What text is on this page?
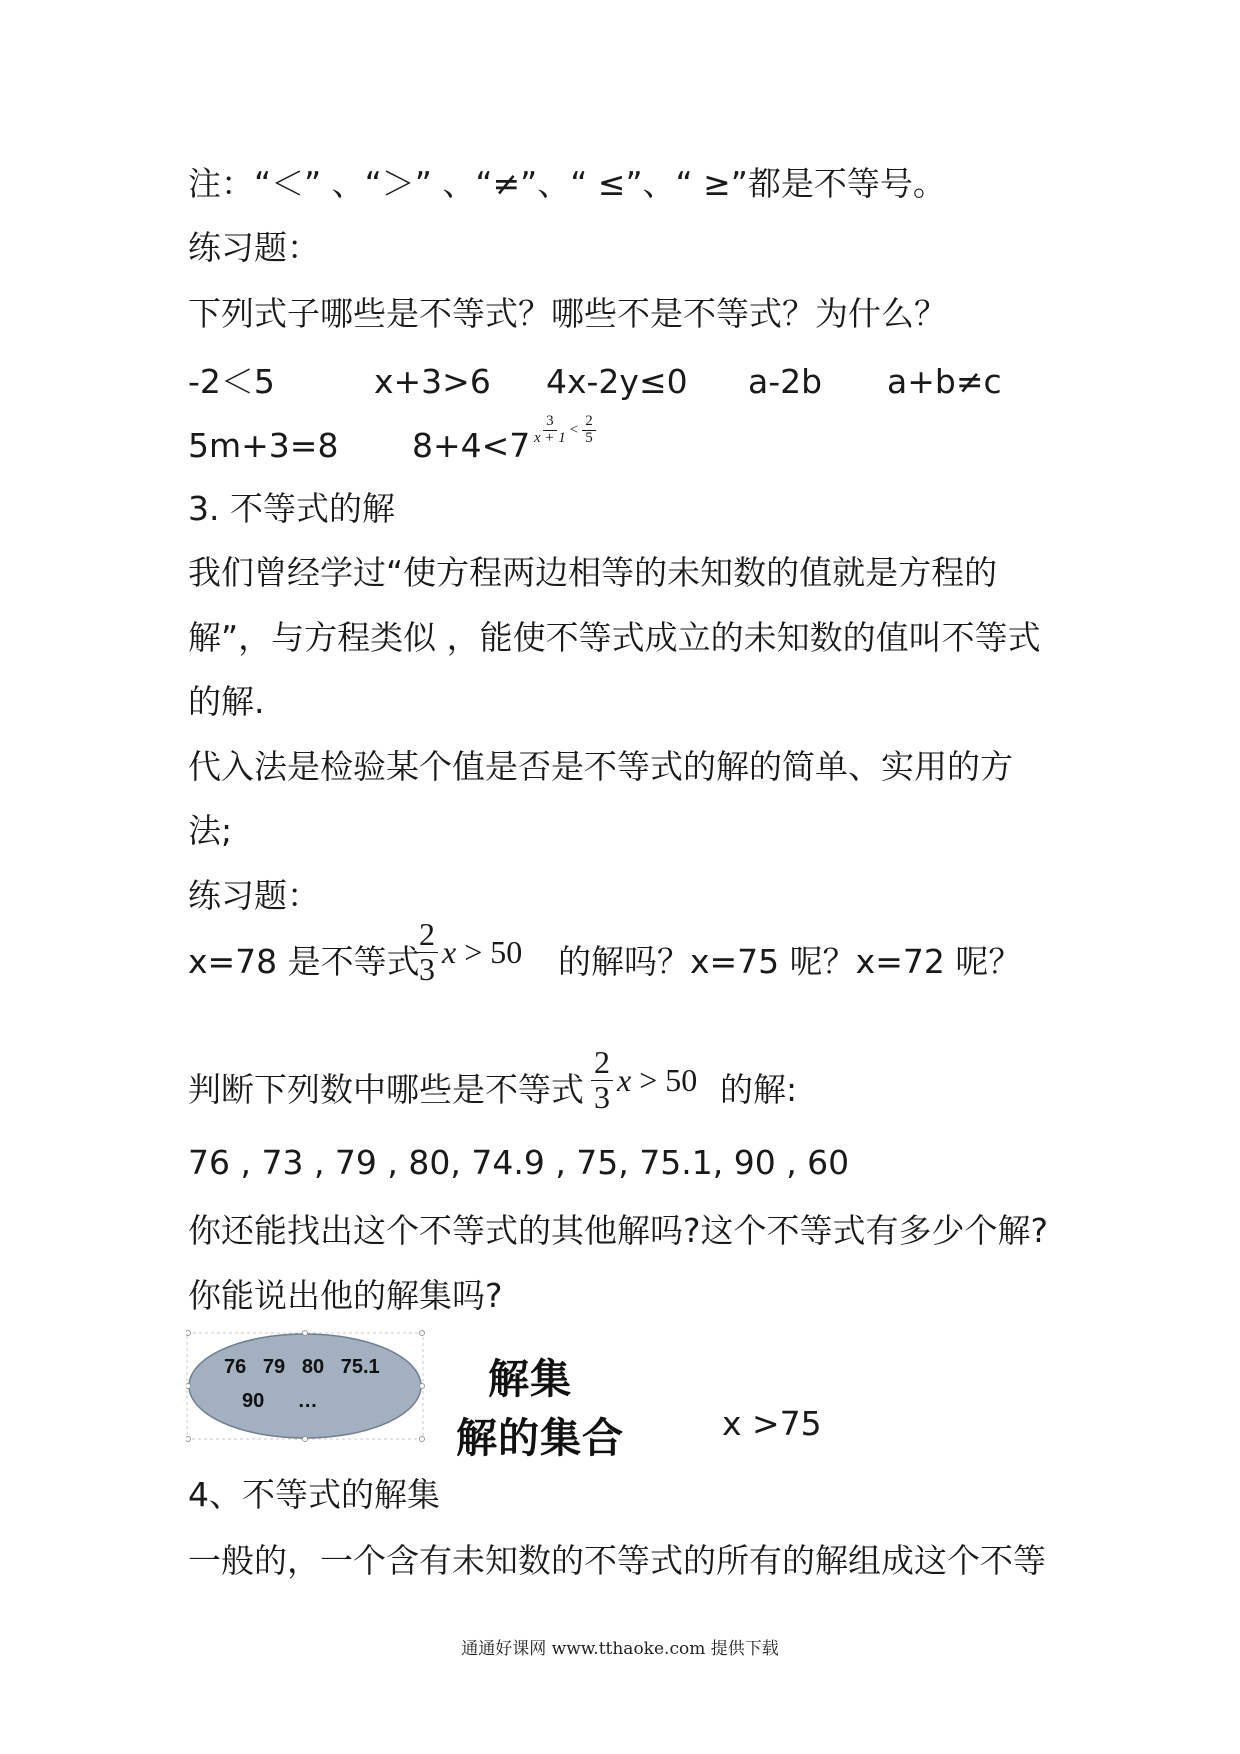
注：“＜” 、“＞” 、“≠”、“ ≤”、“ ≥”都是不等号。
练习题：
下列式子哪些是不等式？哪些不是不等式？为什么？
-2＜5	x+3>6 4x-2y≤0 a-2b a+b≠c
5m+3=8 $8+4<7 \frac{3}{x + 1} < \frac{2}{5}$
3. 不等式的解
我们曾经学过“使方程两边相等的未知数的值就是方程的
解”，与方程类似 ，能使不等式成立的未知数的值叫不等式
的解.
代入法是检验某个值是否是不等式的解的简单、实用的方
法;
练习题：
x=78 是不等式
$\frac{2}{3}$ x > 50 的解吗？x=75 呢？x=72 呢？
判断下列数中哪些是不等式 $\frac{2}{3}$ x > 50 的解:
76 , 73 , 79 , 80, 74.9 , 75, 75.1, 90 , 60
你还能找出这个不等式的其他解吗?这个不等式有多少个解?
你能说出他的解集吗?
76   79   80   75.1
90      …	解集
解的集合	x >75
4、不等式的解集
一般的，一个含有未知数的不等式的所有的解组成这个不等
通通好课网 www.tthaoke.com 提供下载
